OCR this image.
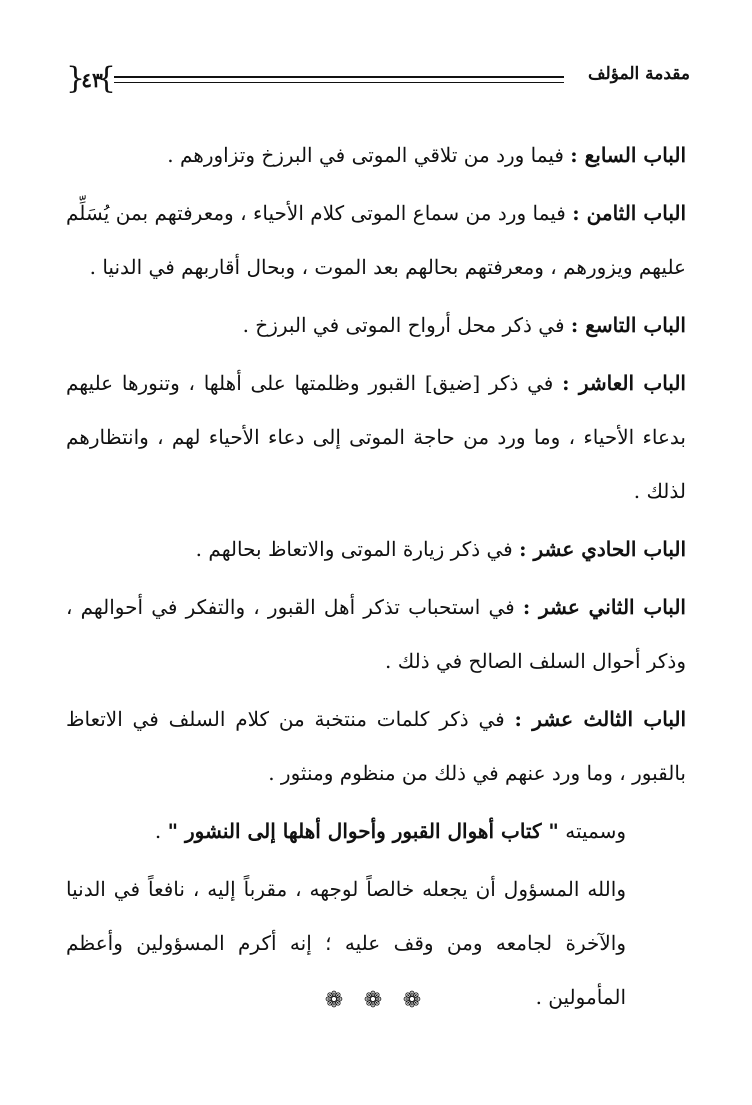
{
٤٣
}	مقدمة المؤلف

الباب السابع : فيما ورد من تلاقي الموتى في البرزخ وتزاورهم .

الباب الثامن : فيما ورد من سماع الموتى كلام الأحياء ، ومعرفتهم بمن يُسَلِّم عليهم ويزورهم ، ومعرفتهم بحالهم بعد الموت ، وبحال أقاربهم في الدنيا .

الباب التاسع : في ذكر محل أرواح الموتى في البرزخ .

الباب العاشر : في ذكر [ضيق] القبور وظلمتها على أهلها ، وتنورها عليهم بدعاء الأحياء ، وما ورد من حاجة الموتى إلى دعاء الأحياء لهم ، وانتظارهم لذلك .

الباب الحادي عشر : في ذكر زيارة الموتى والاتعاظ بحالهم .

الباب الثاني عشر : في استحباب تذكر أهل القبور ، والتفكر في أحوالهم ، وذكر أحوال السلف الصالح في ذلك .

الباب الثالث عشر : في ذكر كلمات منتخبة من كلام السلف في الاتعاظ بالقبور ، وما ورد عنهم في ذلك من منظوم ومنثور .

وسميته " كتاب أهوال القبور وأحوال أهلها إلى النشور " .

والله المسؤول أن يجعله خالصاً لوجهه ، مقرباً إليه ، نافعاً في الدنيا والآخرة لجامعه ومن وقف عليه ؛ إنه أكرم المسؤولين وأعظم المأمولين .

❁ ❁ ❁
